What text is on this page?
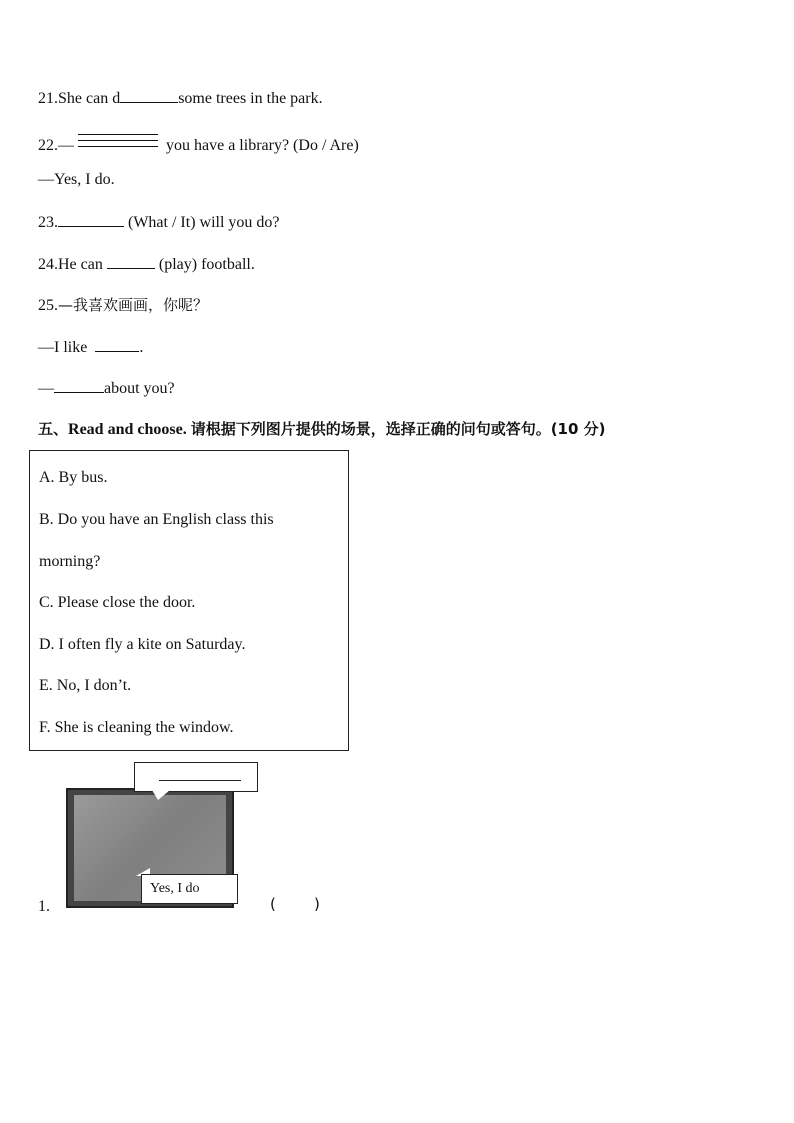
21.She can d	some trees in the park.
22.—	you have a library? (Do / Are)
—Yes, I do.
23.	(What / It) will you do?
24.He can	(play) football.
25.—我喜欢画画，你呢？
—I like	.
—	about you?
五、Read and choose. 请根据下列图片提供的场景，选择正确的问句或答句。(10 分)
A. By bus.
B. Do you have an English class this
morning?
C. Please close the door.
D. I often fly a kite on Saturday.
E. No, I don’t.
F. She is cleaning the window.
Yes, I do
1.	(        )
